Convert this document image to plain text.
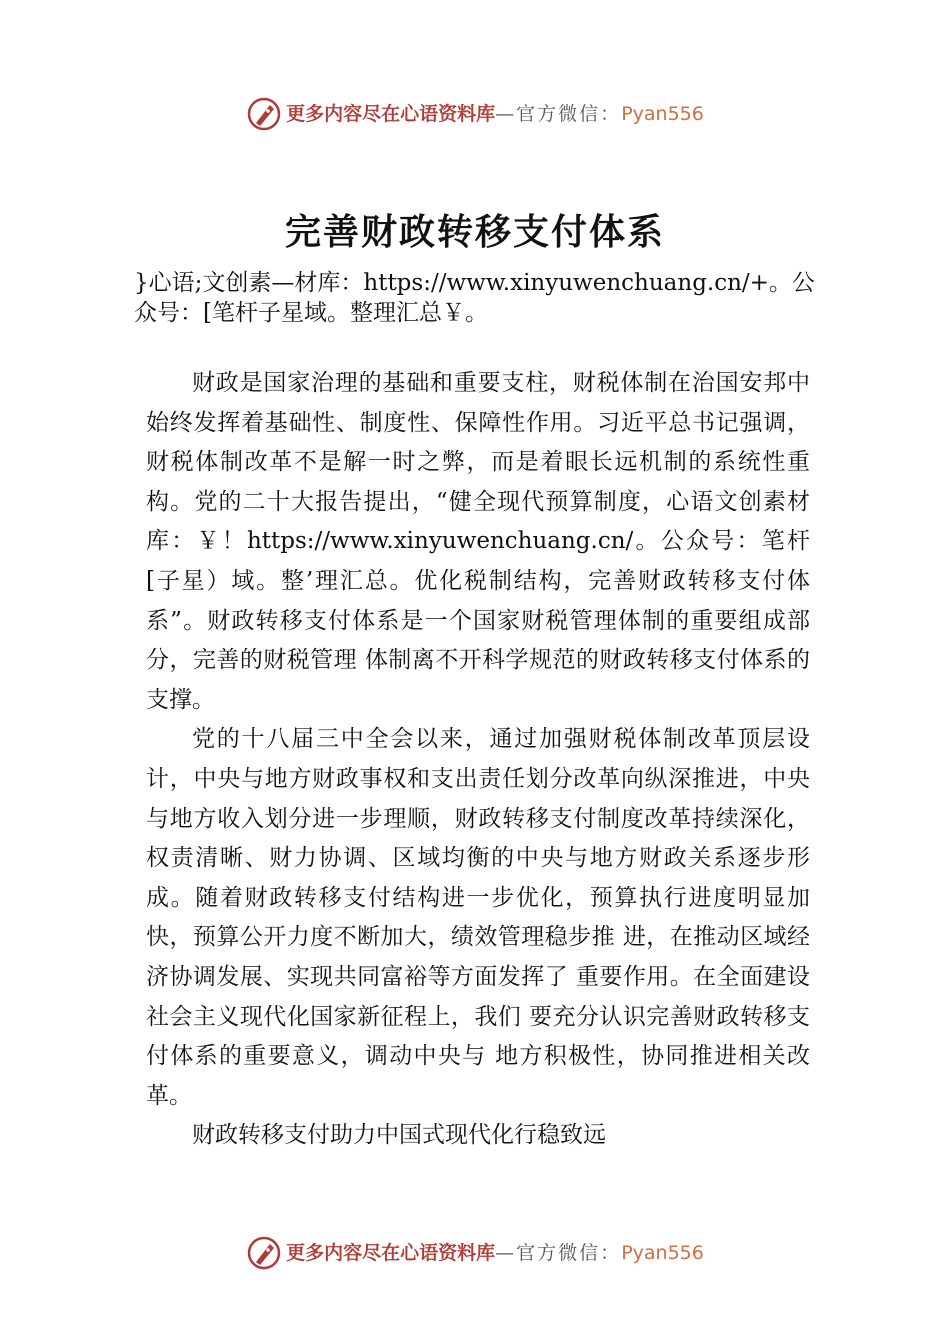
更多内容尽在心语资料库 —官方微信： Pyan556
完善财政转移支付体系
}心语;文创素—材库：https://www.xinyuwenchuang.cn/+。公众号：[笔杆子星域。整理汇总￥。

财政是国家治理的基础和重要支柱，财税体制在治国安邦中始终发挥着基础性、制度性、保障性作用。习近平总书记强调，财税体制改革不是解一时之弊，而是着眼长远机制的系统性重构。党的二十大报告提出，“健全现代预算制度，心语文创素材库：￥！https://www.xinyuwenchuang.cn/。公众号：笔杆[子星）域。整’理汇总。优化税制结构，完善财政转移支付体系”。财政转移支付体系是一个国家财税管理体制的重要组成部分，完善的财税管理 体制离不开科学规范的财政转移支付体系的支撑。

党的十八届三中全会以来，通过加强财税体制改革顶层设计，中央与地方财政事权和支出责任划分改革向纵深推进，中央与地方收入划分进一步理顺，财政转移支付制度改革持续深化，权责清晰、财力协调、区域均衡的中央与地方财政关系逐步形成。随着财政转移支付结构进一步优化，预算执行进度明显加快，预算公开力度不断加大，绩效管理稳步推 进，在推动区域经济协调发展、实现共同富裕等方面发挥了 重要作用。在全面建设社会主义现代化国家新征程上，我们 要充分认识完善财政转移支付体系的重要意义，调动中央与 地方积极性，协同推进相关改革。

财政转移支付助力中国式现代化行稳致远

更多内容尽在心语资料库 —官方微信： Pyan556
